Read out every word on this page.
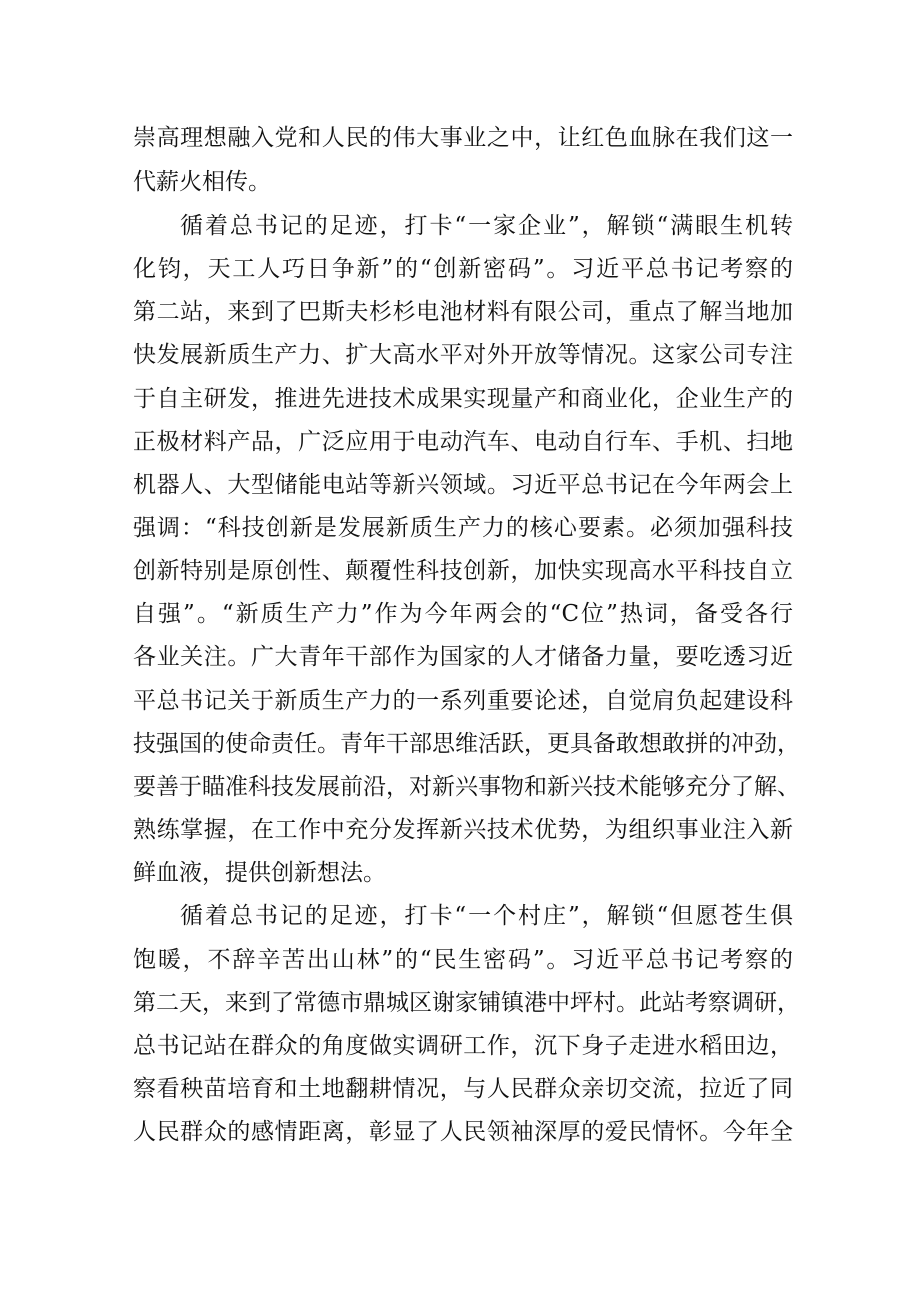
崇高理想融入党和人民的伟大事业之中，让红色血脉在我们这一

代薪火相传。

循着总书记的足迹，打卡“一家企业”，解锁“满眼生机转

化钧，天工人巧日争新”的“创新密码”。习近平总书记考察的

第二站，来到了巴斯夫杉杉电池材料有限公司，重点了解当地加

快发展新质生产力、扩大高水平对外开放等情况。这家公司专注

于自主研发，推进先进技术成果实现量产和商业化，企业生产的

正极材料产品，广泛应用于电动汽车、电动自行车、手机、扫地

机器人、大型储能电站等新兴领域。习近平总书记在今年两会上

强调：“科技创新是发展新质生产力的核心要素。必须加强科技

创新特别是原创性、颠覆性科技创新，加快实现高水平科技自立

自强”。“新质生产力”作为今年两会的“C位”热词，备受各行

各业关注。广大青年干部作为国家的人才储备力量，要吃透习近

平总书记关于新质生产力的一系列重要论述，自觉肩负起建设科

技强国的使命责任。青年干部思维活跃，更具备敢想敢拼的冲劲，

要善于瞄准科技发展前沿，对新兴事物和新兴技术能够充分了解、

熟练掌握，在工作中充分发挥新兴技术优势，为组织事业注入新

鲜血液，提供创新想法。

循着总书记的足迹，打卡“一个村庄”，解锁“但愿苍生俱

饱暖，不辞辛苦出山林”的“民生密码”。习近平总书记考察的

第二天，来到了常德市鼎城区谢家铺镇港中坪村。此站考察调研，

总书记站在群众的角度做实调研工作，沉下身子走进水稻田边，

察看秧苗培育和土地翻耕情况，与人民群众亲切交流，拉近了同

人民群众的感情距离，彰显了人民领袖深厚的爱民情怀。今年全
